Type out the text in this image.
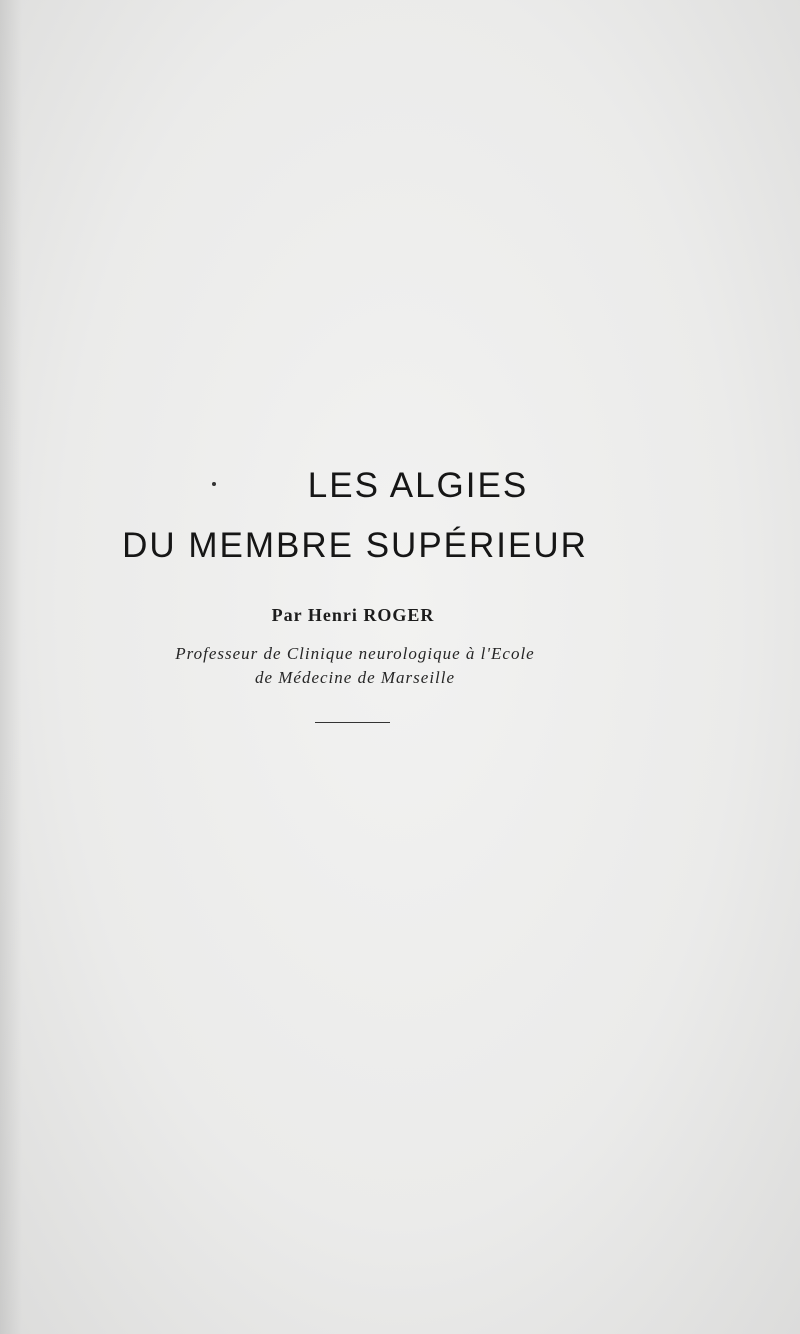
LES ALGIES
DU MEMBRE SUPÉRIEUR
Par Henri ROGER
Professeur de Clinique neurologique à l'Ecole
de Médecine de Marseille
